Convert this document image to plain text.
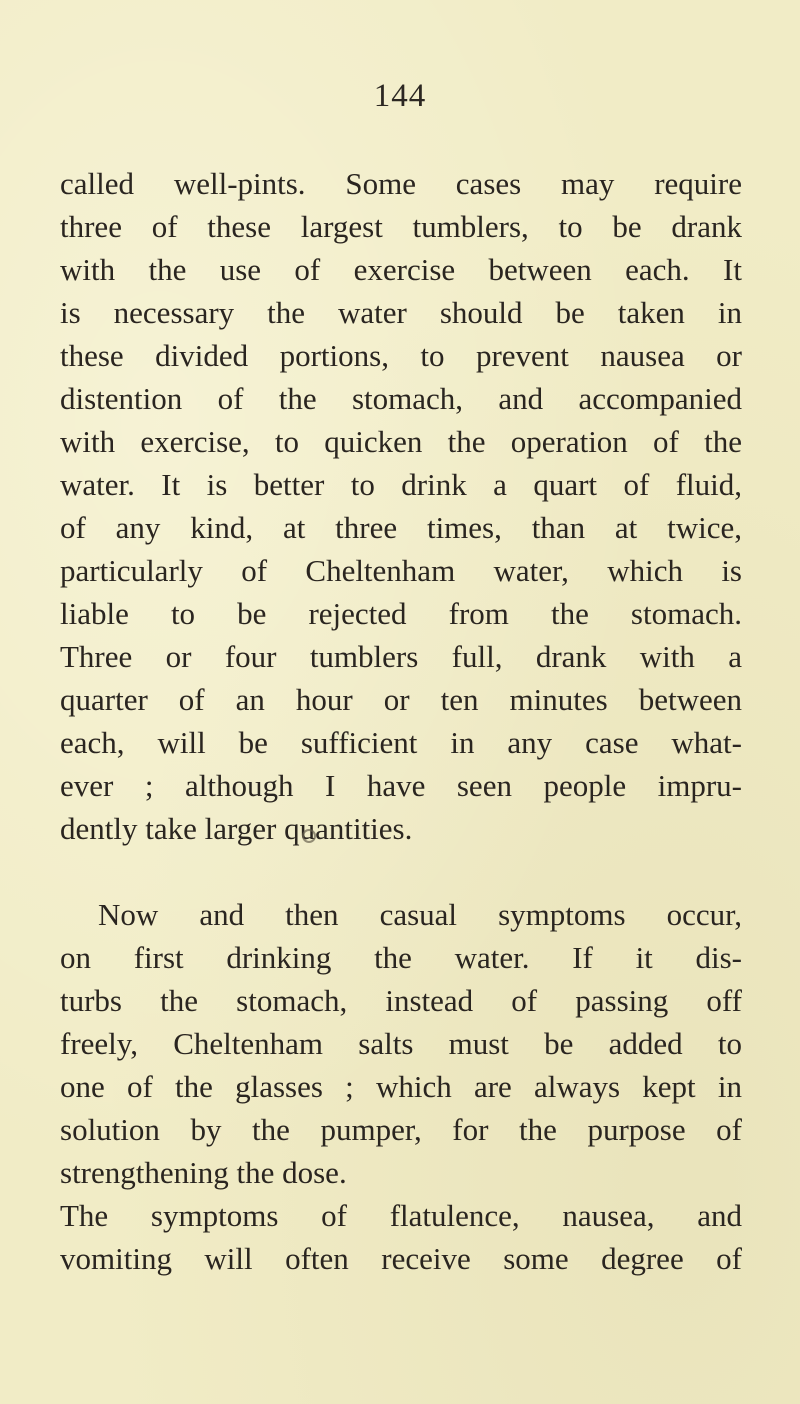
144
called well-pints. Some cases may require
three of these largest tumblers, to be drank
with the use of exercise between each. It
is necessary the water should be taken in
these divided portions, to prevent nausea or
distention of the stomach, and accompanied
with exercise, to quicken the operation of the
water. It is better to drink a quart of fluid,
of any kind, at three times, than at twice,
particularly of Cheltenham water, which is
liable to be rejected from the stomach.
Three or four tumblers full, drank with a
quarter of an hour or ten minutes between
each, will be sufficient in any case what-
ever ; although I have seen people impru-
dently take larger quantities.
Now and then casual symptoms occur,
on first drinking the water. If it dis-
turbs the stomach, instead of passing off
freely, Cheltenham salts must be added to
one of the glasses ; which are always kept in
solution by the pumper, for the purpose of
strengthening the dose.
The symptoms of flatulence, nausea, and
vomiting will often receive some degree of
